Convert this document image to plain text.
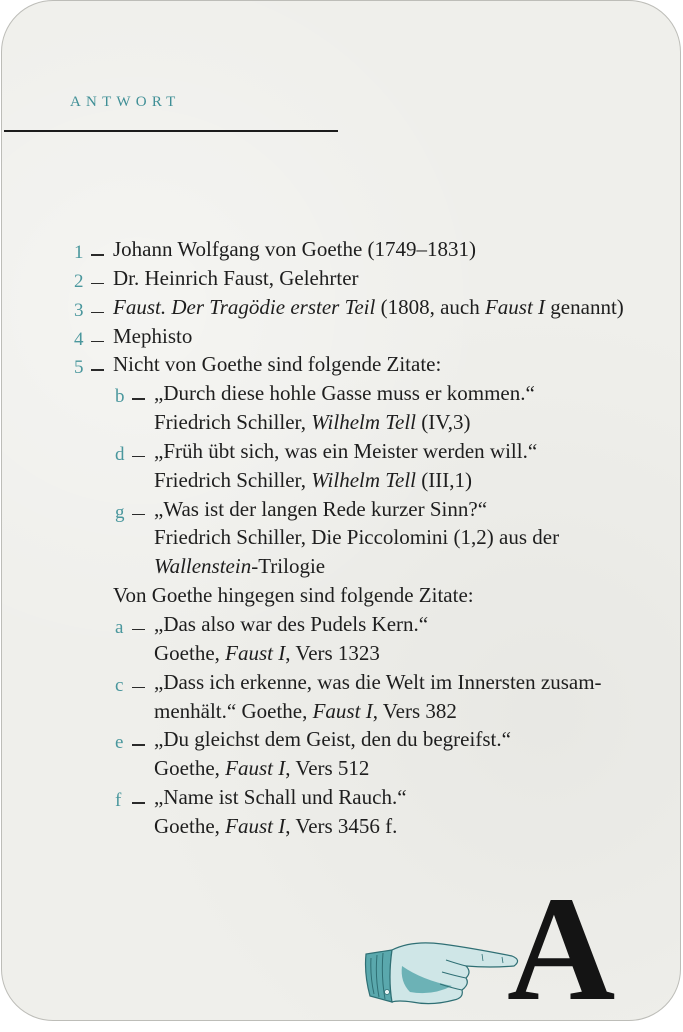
ANTWORT
1 Johann Wolfgang von Goethe (1749–1831)
2 Dr. Heinrich Faust, Gelehrter
3 Faust. Der Tragödie erster Teil (1808, auch Faust I genannt)
4 Mephisto
5 Nicht von Goethe sind folgende Zitate:
b „Durch diese hohle Gasse muss er kommen.“
Friedrich Schiller, Wilhelm Tell (IV,3)
d „Früh übt sich, was ein Meister werden will.“
Friedrich Schiller, Wilhelm Tell (III,1)
g „Was ist der langen Rede kurzer Sinn?“
Friedrich Schiller, Die Piccolomini (1,2) aus der
Wallenstein-Trilogie
Von Goethe hingegen sind folgende Zitate:
a „Das also war des Pudels Kern.“
Goethe, Faust I, Vers 1323
c „Dass ich erkenne, was die Welt im Innersten zusam-
menhält.“ Goethe, Faust I, Vers 382
e „Du gleichst dem Geist, den du begreifst.“
Goethe, Faust I, Vers 512
f „Name ist Schall und Rauch.“
Goethe, Faust I, Vers 3456 f.
A
